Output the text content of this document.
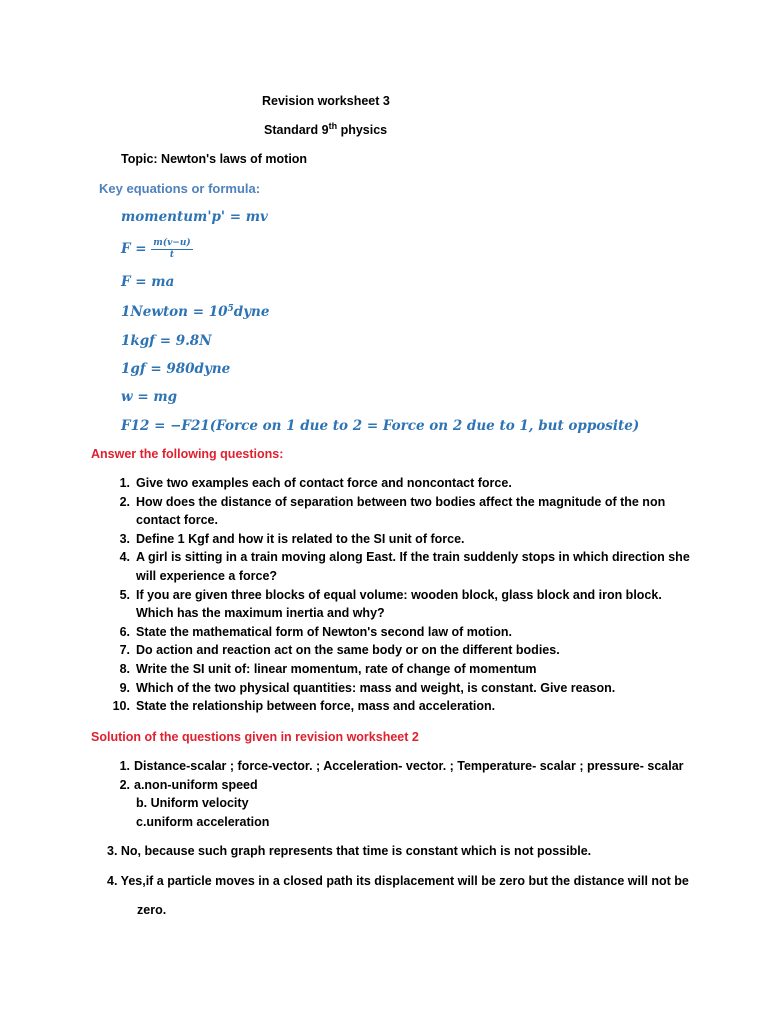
Revision worksheet 3
Standard 9th physics
Topic: Newton's laws of motion
Key equations or formula:
momentum'p' = mv
$F = \frac{m(v-u)}{t}$
F = ma
1Newton = $10^5dyne$
1kgf = 9.8N
1gf = 980dyne
w = mg
F12 = −F21(Force on 1 due to 2 = Force on 2 due to 1, but opposite)
Answer the following questions:
1. Give two examples each of contact force and noncontact force.
2. How does the distance of separation between two bodies affect the magnitude of the non contact force.
3. Define 1 Kgf and how it is related to the SI unit of force.
4. A girl is sitting in a train moving along East. If the train suddenly stops in which direction she will experience a force?
5. If you are given three blocks of equal volume: wooden block, glass block and iron block. Which has the maximum inertia and why?
6. State the mathematical form of Newton's second law of motion.
7. Do action and reaction act on the same body or on the different bodies.
8. Write the SI unit of: linear momentum, rate of change of momentum
9. Which of the two physical quantities: mass and weight, is constant. Give reason.
10. State the relationship between force, mass and acceleration.
Solution of the questions given in revision worksheet 2
1. Distance-scalar ; force-vector. ; Acceleration- vector. ; Temperature- scalar ; pressure- scalar
2. a.non-uniform speed
b. Uniform velocity
c.uniform acceleration
3. No, because such graph represents that time is constant which is not possible.
4. Yes,if a particle moves in a closed path its displacement will be zero but the distance will not be
zero.
